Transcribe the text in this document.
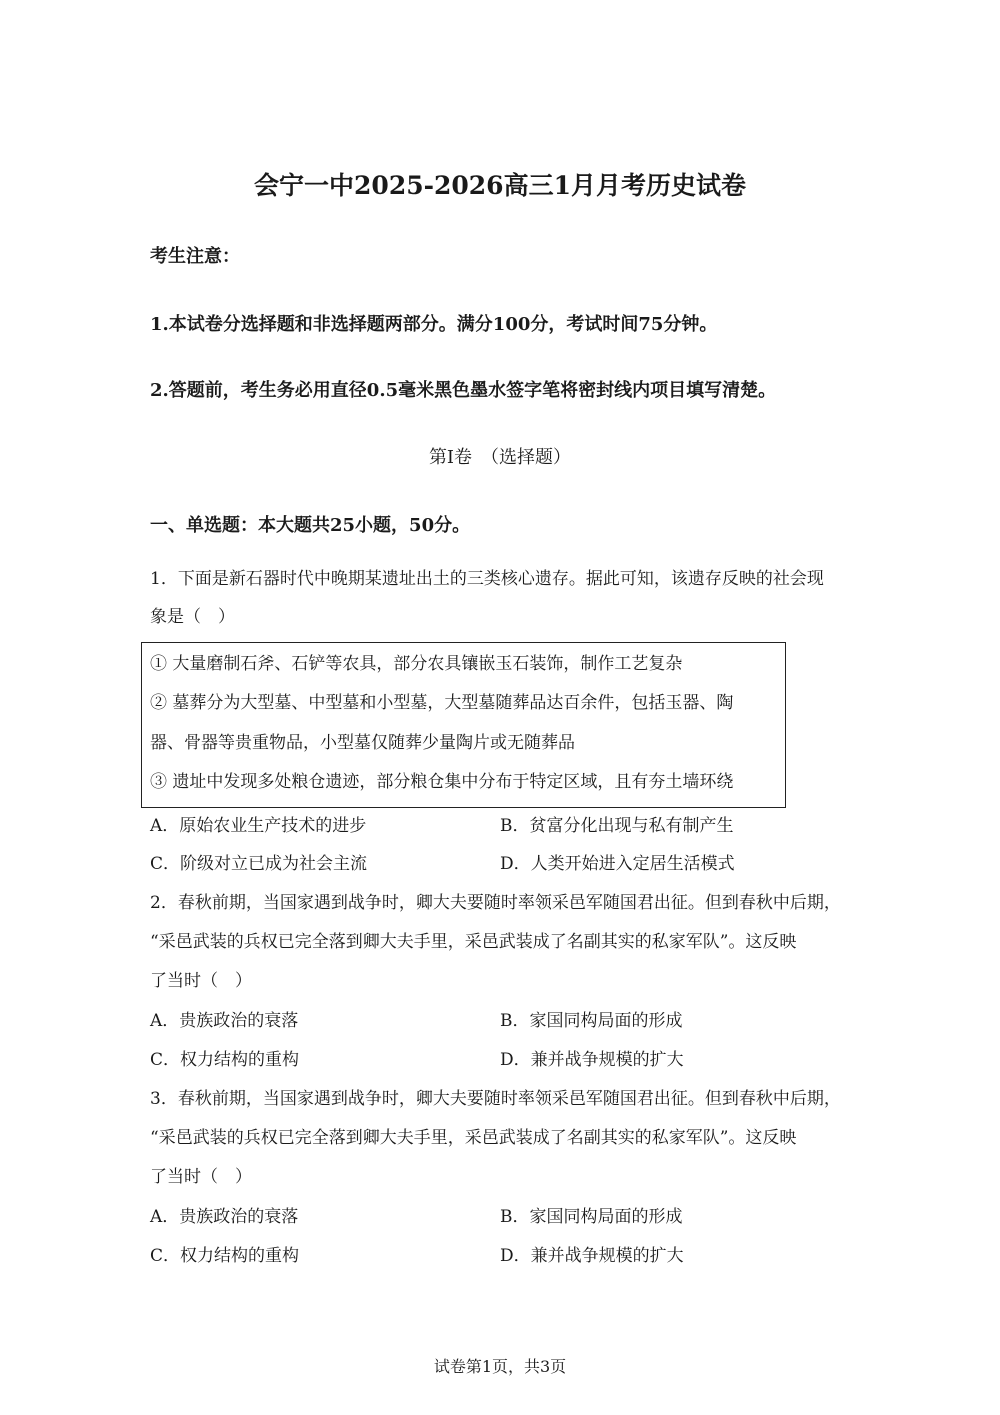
会宁一中2025-2026高三1月月考历史试卷
考生注意：
1.本试卷分选择题和非选择题两部分。满分100分，考试时间75分钟。
2.答题前，考生务必用直径0.5毫米黑色墨水签字笔将密封线内项目填写清楚。
第Ⅰ卷　（选择题）
一、单选题：本大题共25小题，50分。
1．下面是新石器时代中晚期某遗址出土的三类核心遗存。据此可知，该遗存反映的社会现
象是（　）
① 大量磨制石斧、石铲等农具，部分农具镶嵌玉石装饰，制作工艺复杂
② 墓葬分为大型墓、中型墓和小型墓，大型墓随葬品达百余件，包括玉器、陶
器、骨器等贵重物品，小型墓仅随葬少量陶片或无随葬品
③ 遗址中发现多处粮仓遗迹，部分粮仓集中分布于特定区域，且有夯土墙环绕
A．原始农业生产技术的进步	B．贫富分化出现与私有制产生
C．阶级对立已成为社会主流	D．人类开始进入定居生活模式
2．春秋前期，当国家遇到战争时，卿大夫要随时率领采邑军随国君出征。但到春秋中后期，
“采邑武装的兵权已完全落到卿大夫手里，采邑武装成了名副其实的私家军队”。这反映
了当时（　）
A．贵族政治的衰落	B．家国同构局面的形成
C．权力结构的重构	D．兼并战争规模的扩大
3．春秋前期，当国家遇到战争时，卿大夫要随时率领采邑军随国君出征。但到春秋中后期，
“采邑武装的兵权已完全落到卿大夫手里，采邑武装成了名副其实的私家军队”。这反映
了当时（　）
A．贵族政治的衰落	B．家国同构局面的形成
C．权力结构的重构	D．兼并战争规模的扩大
试卷第1页，共3页
